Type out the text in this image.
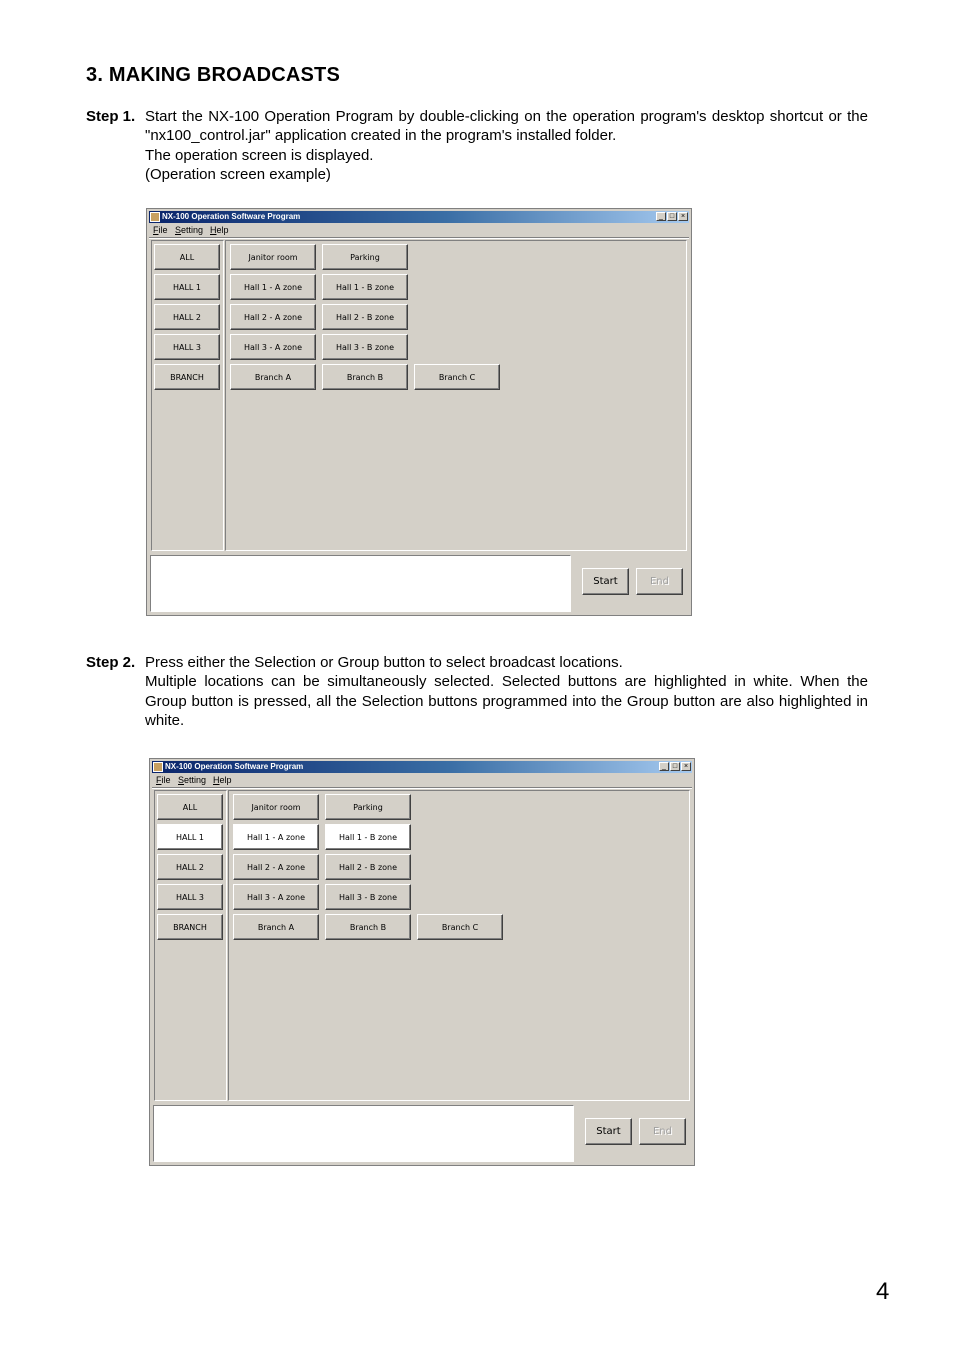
3. MAKING BROADCASTS
Step 1. Start the NX-100 Operation Program by double-clicking on the operation program's desktop shortcut or the "nx100_control.jar" application created in the program's installed folder.

The operation screen is displayed.

(Operation screen example)

Step 2. Press either the Selection or Group button to select broadcast locations.

Multiple locations can be simultaneously selected. Selected buttons are highlighted in white. When the Group button is pressed, all the Selection buttons programmed into the Group button are also highlighted in white.

NX-100 Operation Software Program	_ □ ×
File Setting Help
Start	End
ALL
HALL 1
HALL 2
HALL 3
BRANCH
Janitor room	Parking
Hall 1 - A zone	Hall 1 - B zone
Hall 2 - A zone	Hall 2 - B zone
Hall 3 - A zone	Hall 3 - B zone
Branch A	Branch B	Branch C
NX-100 Operation Software Program	_ □ ×
File Setting Help
Start	End
ALL
HALL 1
HALL 2
HALL 3
BRANCH
Janitor room	Parking
Hall 1 - A zone	Hall 1 - B zone
Hall 2 - A zone	Hall 2 - B zone
Hall 3 - A zone	Hall 3 - B zone
Branch A	Branch B	Branch C
4
